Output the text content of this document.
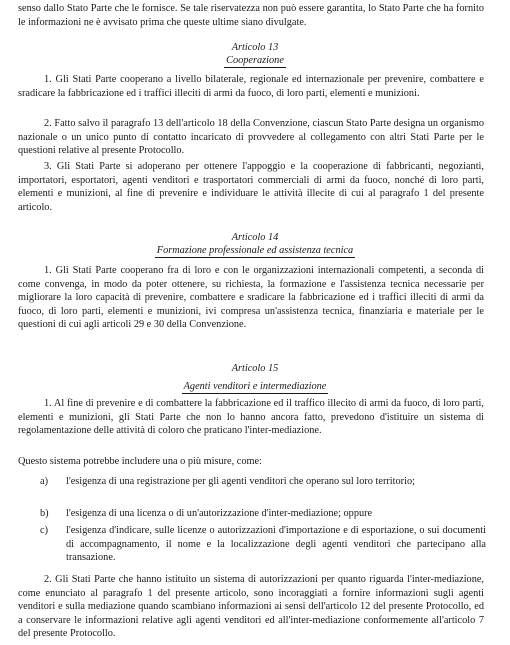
senso dallo Stato Parte che le fornisce. Se tale riservatezza non può essere garantita, lo Stato Parte che ha fornito le informazioni ne è avvisato prima che queste ultime siano divulgate.

Articolo 13

Cooperazione

1. Gli Stati Parte cooperano a livello bilaterale, regionale ed internazionale per prevenire, combattere e sradicare la fabbricazione ed i traffici illeciti di armi da fuoco, di loro parti, elementi e munizioni.

2. Fatto salvo il paragrafo 13 dell'articolo 18 della Convenzione, ciascun Stato Parte designa un organismo nazionale o un unico punto di contatto incaricato di provvedere al collegamento con altri Stati Parte per le questioni relative al presente Protocollo.

3. Gli Stati Parte si adoperano per ottenere l'appoggio e la cooperazione di fabbricanti, negozianti, importatori, esportatori, agenti venditori e trasportatori commerciali di armi da fuoco, nonché di loro parti, elementi e munizioni, al fine di prevenire e individuare le attività illecite di cui al paragrafo 1 del presente articolo.

Articolo 14

Formazione professionale ed assistenza tecnica

1. Gli Stati Parte cooperano fra di loro e con le organizzazioni internazionali competenti, a seconda di come convenga, in modo da poter ottenere, su richiesta, la formazione e l'assistenza tecnica necessarie per migliorare la loro capacità di prevenire, combattere e sradicare la fabbricazione ed i traffici illeciti di armi da fuoco, di loro parti, elementi e munizioni, ivi compresa un'assistenza tecnica, finanziaria e materiale per le questioni di cui agli articoli 29 e 30 della Convenzione.

Articolo 15

Agenti venditori e intermediazione

1. Al fine di prevenire e di combattere la fabbricazione ed il traffico illecito di armi da fuoco, di loro parti, elementi e munizioni, gli Stati Parte che non lo hanno ancora fatto, prevedono d'istituire un sistema di regolamentazione delle attività di coloro che praticano l'inter-mediazione.

Questo sistema potrebbe includere una o più misure, come:

a)	l'esigenza di una registrazione per gli agenti venditori che operano sul loro territorio;
b)	l'esigenza di una licenza o di un'autorizzazione d'inter-mediazione; oppure
c)	l'esigenza d'indicare, sulle licenze o autorizzazioni d'importazione e di esportazione, o sui documenti di accompagnamento, il nome e la localizzazione degli agenti venditori che partecipano alla transazione.

2. Gli Stati Parte che hanno istituito un sistema di autorizzazioni per quanto riguarda l'inter-mediazione, come enunciato al paragrafo 1 del presente articolo, sono incoraggiati a fornire informazioni sugli agenti venditori e sulla mediazione quando scambiano informazioni ai sensi dell'articolo 12 del presente Protocollo, ed a conservare le informazioni relative agli agenti venditori ed all'inter-mediazione conformemente all'articolo 7 del presente Protocollo.
